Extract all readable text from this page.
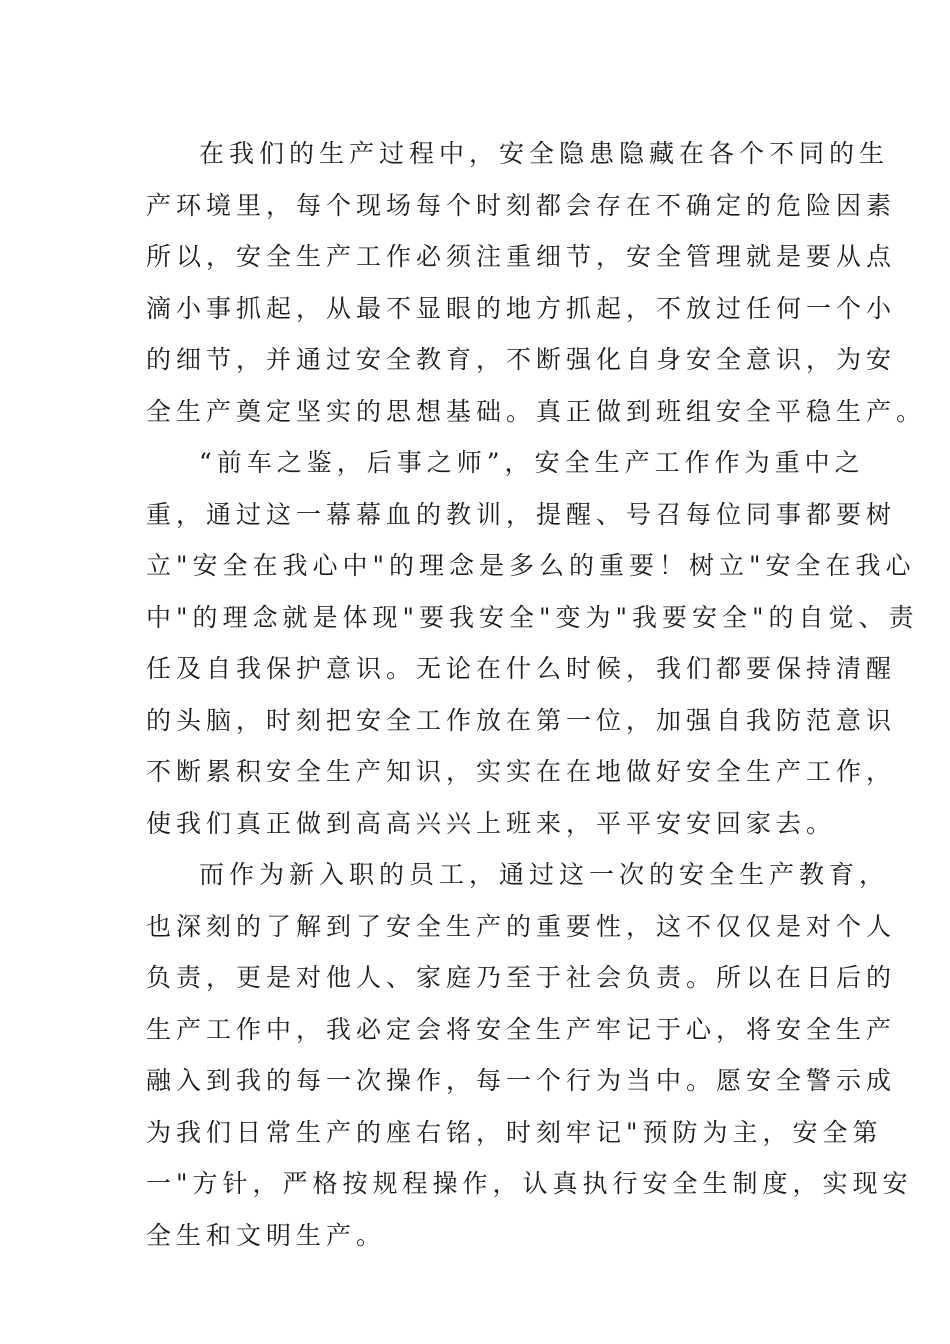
在我们的生产过程中，安全隐患隐藏在各个不同的生
产环境里，每个现场每个时刻都会存在不确定的危险因素
所以，安全生产工作必须注重细节，安全管理就是要从点
滴小事抓起，从最不显眼的地方抓起，不放过任何一个小
的细节，并通过安全教育，不断强化自身安全意识，为安
全生产奠定坚实的思想基础。真正做到班组安全平稳生产。
“前车之鉴，后事之师”，安全生产工作作为重中之
重，通过这一幕幕血的教训，提醒、号召每位同事都要树
立"安全在我心中"的理念是多么的重要！树立"安全在我心
中"的理念就是体现"要我安全"变为"我要安全"的自觉、责
任及自我保护意识。无论在什么时候，我们都要保持清醒
的头脑，时刻把安全工作放在第一位，加强自我防范意识
不断累积安全生产知识，实实在在地做好安全生产工作，
使我们真正做到高高兴兴上班来，平平安安回家去。
而作为新入职的员工，通过这一次的安全生产教育，
也深刻的了解到了安全生产的重要性，这不仅仅是对个人
负责，更是对他人、家庭乃至于社会负责。所以在日后的
生产工作中，我必定会将安全生产牢记于心，将安全生产
融入到我的每一次操作，每一个行为当中。愿安全警示成
为我们日常生产的座右铭，时刻牢记"预防为主，安全第
一"方针，严格按规程操作，认真执行安全生制度，实现安
全生和文明生产。
